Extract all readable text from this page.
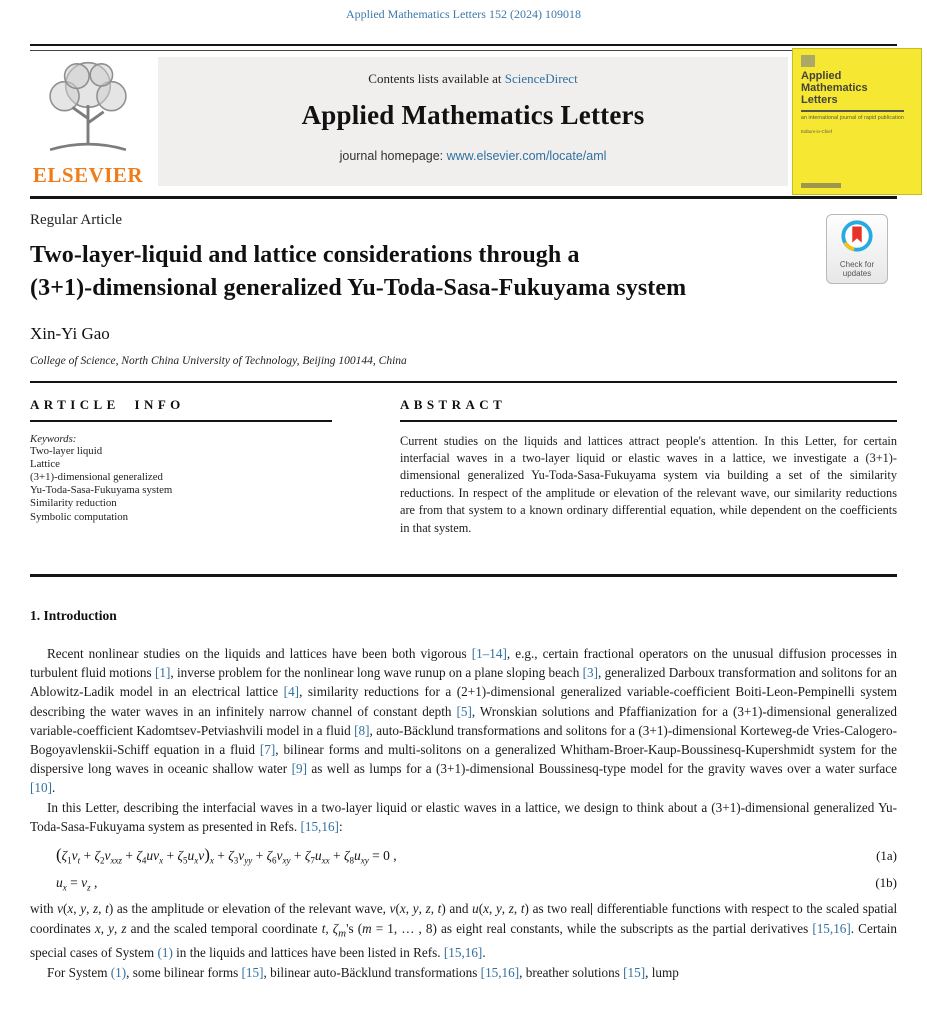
Applied Mathematics Letters 152 (2024) 109018
ELSEVIER
Contents lists available at ScienceDirect
Applied Mathematics Letters
journal homepage: www.elsevier.com/locate/aml
Applied
Mathematics
Letters
an international journal of rapid publication
Editors-in-Chief
Regular Article
Two-layer-liquid and lattice considerations through a
(3+1)-dimensional generalized Yu-Toda-Sasa-Fukuyama system
Check for
updates
Xin-Yi Gao
College of Science, North China University of Technology, Beijing 100144, China
ARTICLE INFO
Keywords:
Two-layer liquid
Lattice
(3+1)-dimensional generalized
Yu-Toda-Sasa-Fukuyama system
Similarity reduction
Symbolic computation
ABSTRACT
Current studies on the liquids and lattices attract people's attention. In this Letter, for certain interfacial waves in a two-layer liquid or elastic waves in a lattice, we investigate a (3+1)-dimensional generalized Yu-Toda-Sasa-Fukuyama system via building a set of the similarity reductions. In respect of the amplitude or elevation of the relevant wave, our similarity reductions are from that system to a known ordinary differential equation, while dependent on the coefficients in that system.
1. Introduction

Recent nonlinear studies on the liquids and lattices have been both vigorous [1–14], e.g., certain fractional operators on the unusual diffusion processes in turbulent fluid motions [1], inverse problem for the nonlinear long wave runup on a plane sloping beach [3], generalized Darboux transformation and solitons for an Ablowitz-Ladik model in an electrical lattice [4], similarity reductions for a (2+1)-dimensional generalized variable-coefficient Boiti-Leon-Pempinelli system describing the water waves in an infinitely narrow channel of constant depth [5], Wronskian solutions and Pfaffianization for a (3+1)-dimensional generalized variable-coefficient Kadomtsev-Petviashvili model in a fluid [8], auto-Bäcklund transformations and solitons for a (3+1)-dimensional Korteweg-de Vries-Calogero-Bogoyavlenskii-Schiff equation in a fluid [7], bilinear forms and multi-solitons on a generalized Whitham-Broer-Kaup-Boussinesq-Kupershmidt system for the dispersive long waves in oceanic shallow water [9] as well as lumps for a (3+1)-dimensional Boussinesq-type model for the gravity waves over a water surface [10].

In this Letter, describing the interfacial waves in a two-layer liquid or elastic waves in a lattice, we design to think about a (3+1)-dimensional generalized Yu-Toda-Sasa-Fukuyama system as presented in Refs. [15,16]:

$(\zeta_1v_t + \zeta_2v_{xxz} + \zeta_4uv_x + \zeta_5u_xv)_x + \zeta_3v_{yy} + \zeta_6v_{xy} + \zeta_7u_{xx} + \zeta_8u_{xy} = 0$ ,	(1a)
$u_x = v_z$ ,	(1b)

with v(x, y, z, t) as the amplitude or elevation of the relevant wave, v(x, y, z, t) and u(x, y, z, t) as two real differentiable functions with respect to the scaled spatial coordinates x, y, z and the scaled temporal coordinate t, $\zeta_m's$ (m = 1, … , 8) as eight real constants, while the subscripts as the partial derivatives [15,16]. Certain special cases of System (1) in the liquids and lattices have been listed in Refs. [15,16].

For System (1), some bilinear forms [15], bilinear auto-Bäcklund transformations [15,16], breather solutions [15], lump
